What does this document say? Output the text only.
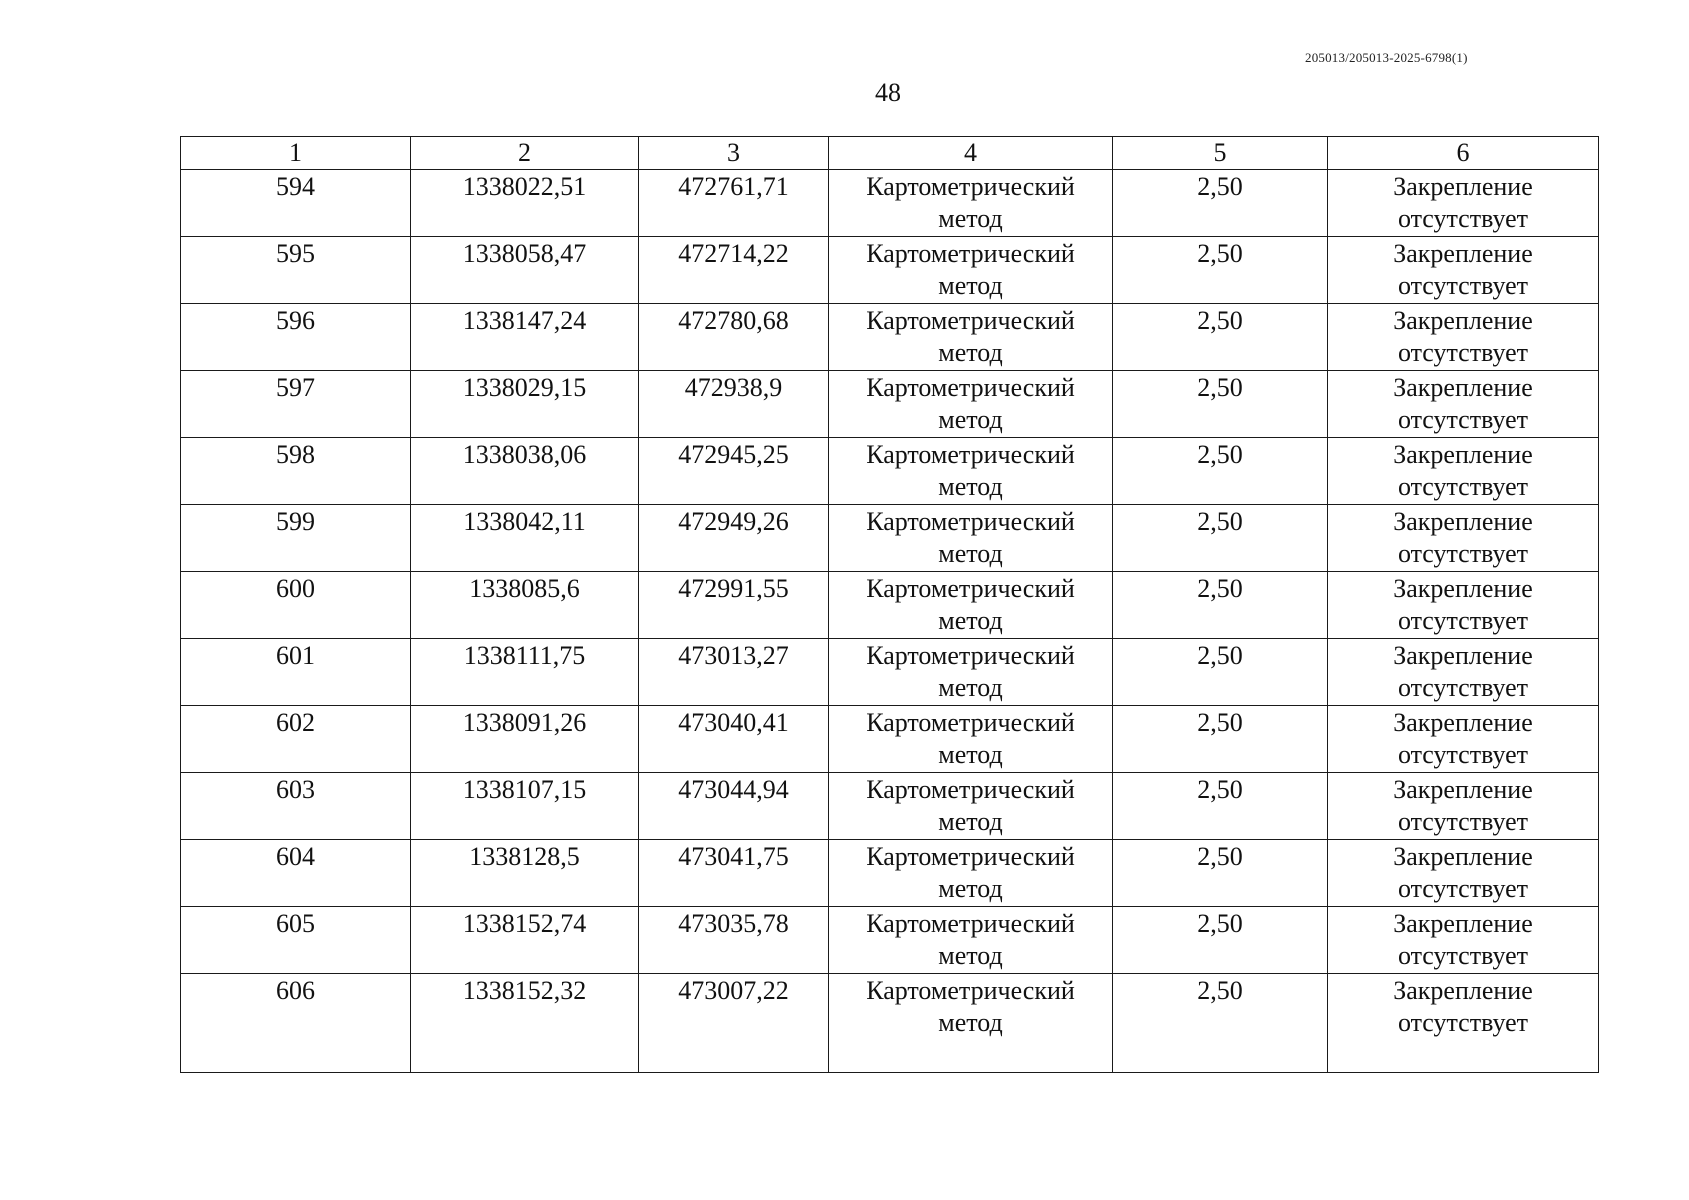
205013/205013-2025-6798(1)
48
1	2	3	4	5	6
594	1338022,51	472761,71	Картометрический метод	2,50	Закрепление отсутствует
595	1338058,47	472714,22	Картометрический метод	2,50	Закрепление отсутствует
596	1338147,24	472780,68	Картометрический метод	2,50	Закрепление отсутствует
597	1338029,15	472938,9	Картометрический метод	2,50	Закрепление отсутствует
598	1338038,06	472945,25	Картометрический метод	2,50	Закрепление отсутствует
599	1338042,11	472949,26	Картометрический метод	2,50	Закрепление отсутствует
600	1338085,6	472991,55	Картометрический метод	2,50	Закрепление отсутствует
601	1338111,75	473013,27	Картометрический метод	2,50	Закрепление отсутствует
602	1338091,26	473040,41	Картометрический метод	2,50	Закрепление отсутствует
603	1338107,15	473044,94	Картометрический метод	2,50	Закрепление отсутствует
604	1338128,5	473041,75	Картометрический метод	2,50	Закрепление отсутствует
605	1338152,74	473035,78	Картометрический метод	2,50	Закрепление отсутствует
606	1338152,32	473007,22	Картометрический метод	2,50	Закрепление отсутствует
